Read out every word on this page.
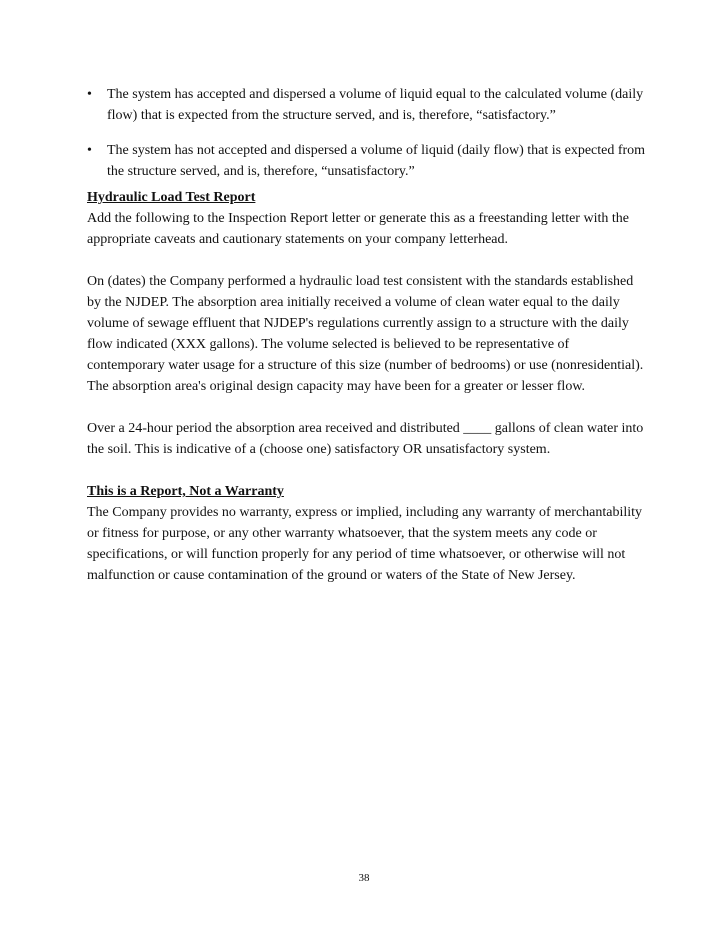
•	The system has accepted and dispersed a volume of liquid equal to the calculated volume (daily flow) that is expected from the structure served, and is, therefore, “satisfactory.”
•	The system has not accepted and dispersed a volume of liquid (daily flow) that is expected from the structure served, and is, therefore, “unsatisfactory.”

Hydraulic Load Test Report

Add the following to the Inspection Report letter or generate this as a freestanding letter with the appropriate caveats and cautionary statements on your company letterhead.

On (dates) the Company performed a hydraulic load test consistent with the standards established by the NJDEP. The absorption area initially received a volume of clean water equal to the daily volume of sewage effluent that NJDEP's regulations currently assign to a structure with the daily flow indicated (XXX gallons). The volume selected is believed to be representative of contemporary water usage for a structure of this size (number of bedrooms) or use (nonresidential). The absorption area's original design capacity may have been for a greater or lesser flow.

Over a 24-hour period the absorption area received and distributed ____ gallons of clean water into the soil. This is indicative of a (choose one) satisfactory OR unsatisfactory system.

This is a Report, Not a Warranty

The Company provides no warranty, express or implied, including any warranty of merchantability or fitness for purpose, or any other warranty whatsoever, that the system meets any code or specifications, or will function properly for any period of time whatsoever, or otherwise will not malfunction or cause contamination of the ground or waters of the State of New Jersey.

38
